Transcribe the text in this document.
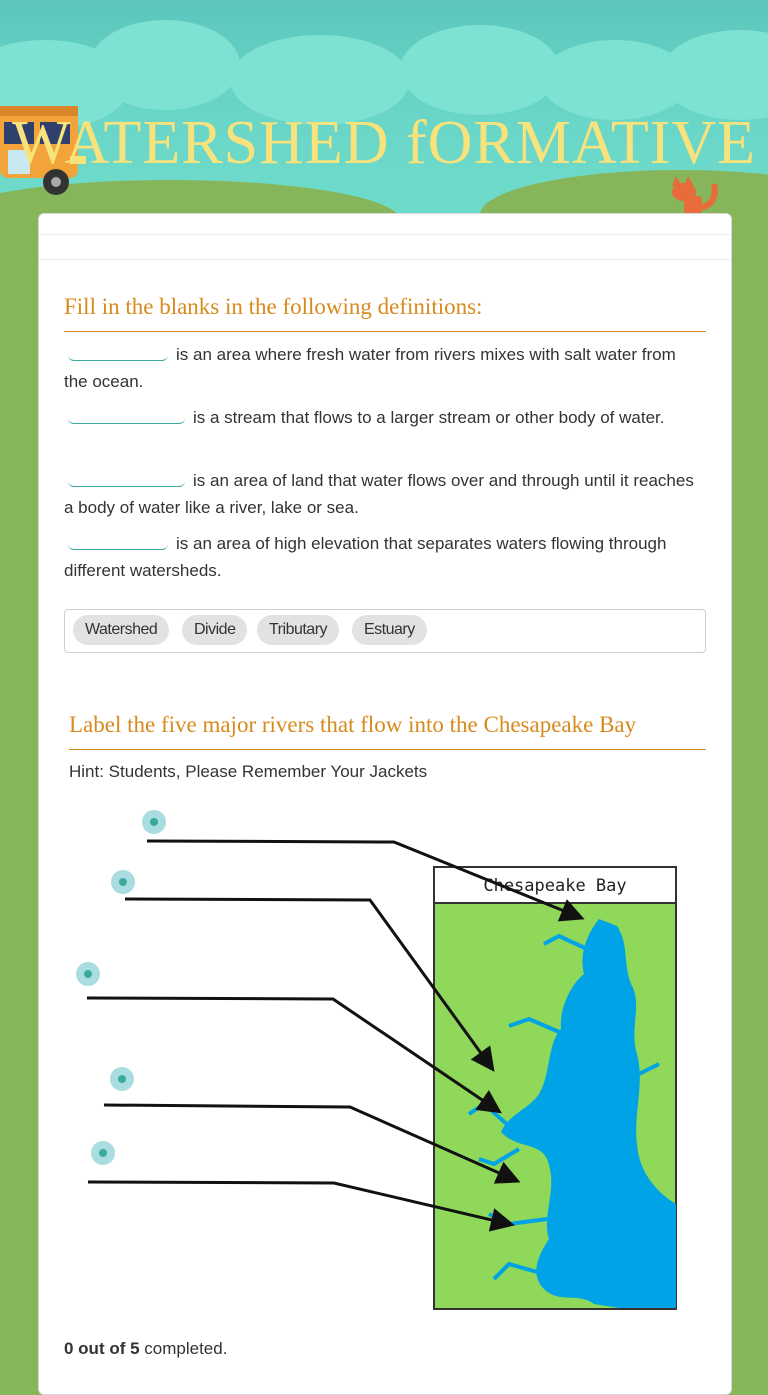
WATERSHED fORMATIVE
Fill in the blanks in the following definitions:
is an area where fresh water from rivers mixes with salt water from the ocean.
is a stream that flows to a larger stream or other body of water.
is an area of land that water flows over and through until it reaches a body of water like a river, lake or sea.
is an area of high elevation that separates waters flowing through different watersheds.
Watershed	Divide	Tributary	Estuary
Label the five major rivers that flow into the Chesapeake Bay
Hint: Students, Please Remember Your Jackets
Chesapeake Bay
0 out of 5 completed.
